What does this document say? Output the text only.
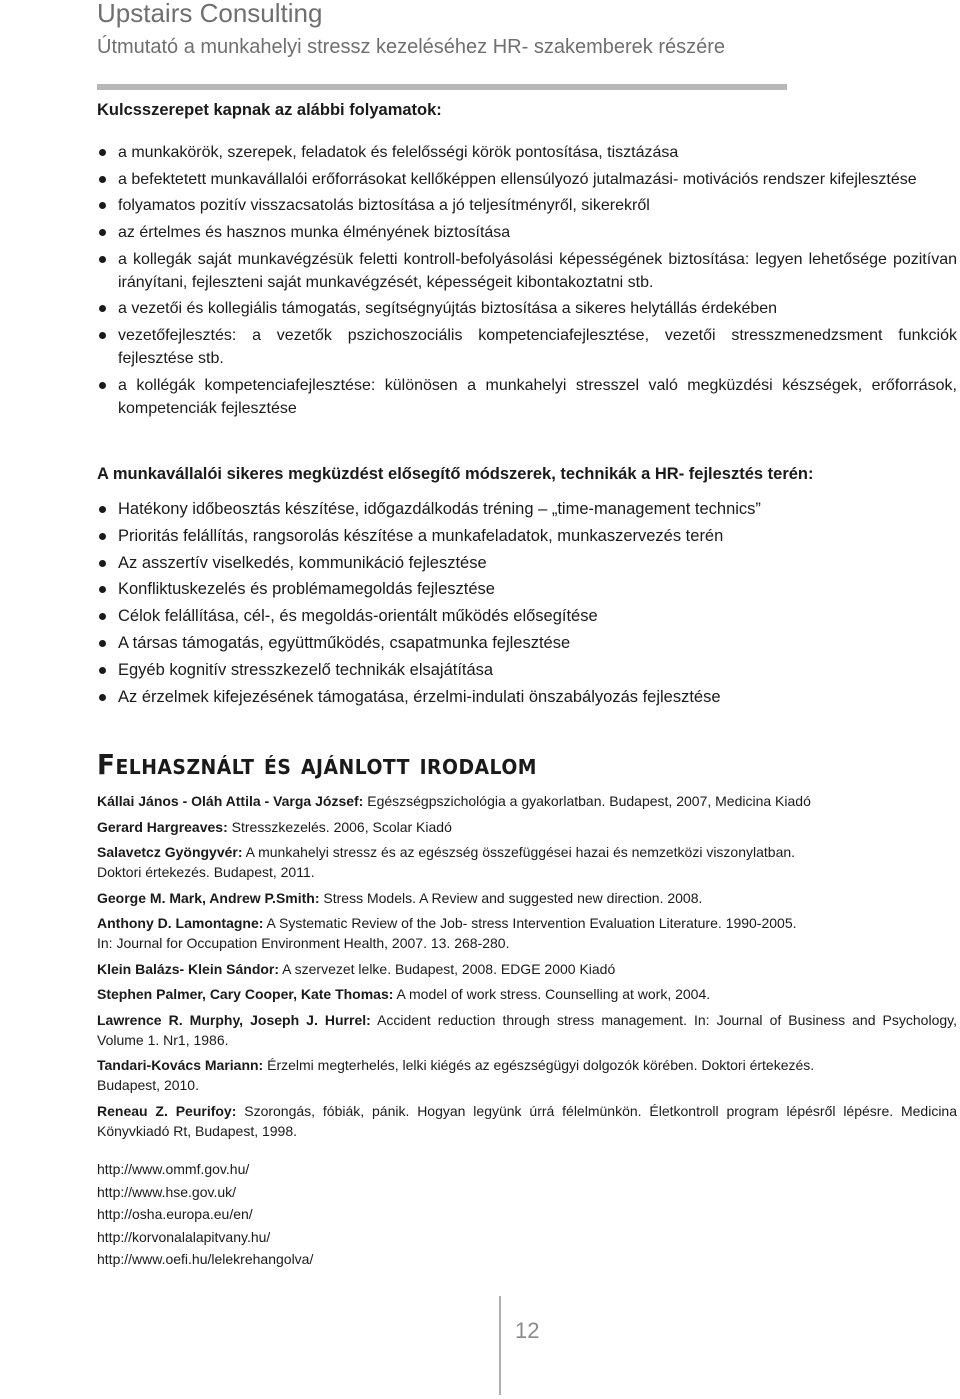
Upstairs Consulting
Útmutató a munkahelyi stressz kezeléséhez HR- szakemberek részére
Kulcsszerepet kapnak az alábbi folyamatok:
a munkakörök, szerepek, feladatok és felelősségi körök pontosítása, tisztázása
a befektetett munkavállalói erőforrásokat kellőképpen ellensúlyozó jutalmazási- motivációs rendszer kifejlesztése
folyamatos pozitív visszacsatolás biztosítása a jó teljesítményről, sikerekről
az értelmes és hasznos munka élményének biztosítása
a kollegák saját munkavégzésük feletti kontroll-befolyásolási képességének biztosítása: legyen lehetősége pozitívan irányítani, fejleszteni saját munkavégzését, képességeit kibontakoztatni stb.
a vezetői és kollegiális támogatás, segítségnyújtás biztosítása a sikeres helytállás érdekében
vezetőfejlesztés: a vezetők pszichoszociális kompetenciafejlesztése, vezetői stresszmenedzsment funkciók fejlesztése stb.
a kollégák kompetenciafejlesztése: különösen a munkahelyi stresszel való megküzdési készségek, erőforrások, kompetenciák fejlesztése
A munkavállalói sikeres megküzdést elősegítő módszerek, technikák a HR- fejlesztés terén:
Hatékony időbeosztás készítése, időgazdálkodás tréning – „time-management technics”
Prioritás felállítás, rangsorolás készítése a munkafeladatok, munkaszervezés terén
Az asszertív viselkedés, kommunikáció fejlesztése
Konfliktuskezelés és problémamegoldás fejlesztése
Célok felállítása, cél-, és megoldás-orientált működés elősegítése
A társas támogatás, együttműködés, csapatmunka fejlesztése
Egyéb kognitív stresszkezelő technikák elsajátítása
Az érzelmek kifejezésének támogatása, érzelmi-indulati önszabályozás fejlesztése
Felhasznált és ajánlott irodalom
Kállai János - Oláh Attila - Varga József: Egészségpszichológia a gyakorlatban. Budapest, 2007, Medicina Kiadó
Gerard Hargreaves: Stresszkezelés. 2006, Scolar Kiadó
Salavetcz Gyöngyvér: A munkahelyi stressz és az egészség összefüggései hazai és nemzetközi viszonylatban.
Doktori értekezés. Budapest, 2011.
George M. Mark, Andrew P.Smith: Stress Models. A Review and suggested new direction. 2008.
Anthony D. Lamontagne: A Systematic Review of the Job- stress Intervention Evaluation Literature. 1990-2005.
In: Journal for Occupation Environment Health, 2007. 13. 268-280.
Klein Balázs- Klein Sándor: A szervezet lelke. Budapest, 2008. EDGE 2000 Kiadó
Stephen Palmer, Cary Cooper, Kate Thomas: A model of work stress. Counselling at work, 2004.
Lawrence R. Murphy, Joseph J. Hurrel: Accident reduction through stress management. In: Journal of Business and Psychology, Volume 1. Nr1, 1986.
Tandari-Kovács Mariann: Érzelmi megterhelés, lelki kiégés az egészségügyi dolgozók körében. Doktori értekezés.
Budapest, 2010.
Reneau Z. Peurifoy: Szorongás, fóbiák, pánik. Hogyan legyünk úrrá félelmünkön. Életkontroll program lépésről lépésre. Medicina Könyvkiadó Rt, Budapest, 1998.
http://www.ommf.gov.hu/
http://www.hse.gov.uk/
http://osha.europa.eu/en/
http://korvonalalapitvany.hu/
http://www.oefi.hu/lelekrehangolva/
12
